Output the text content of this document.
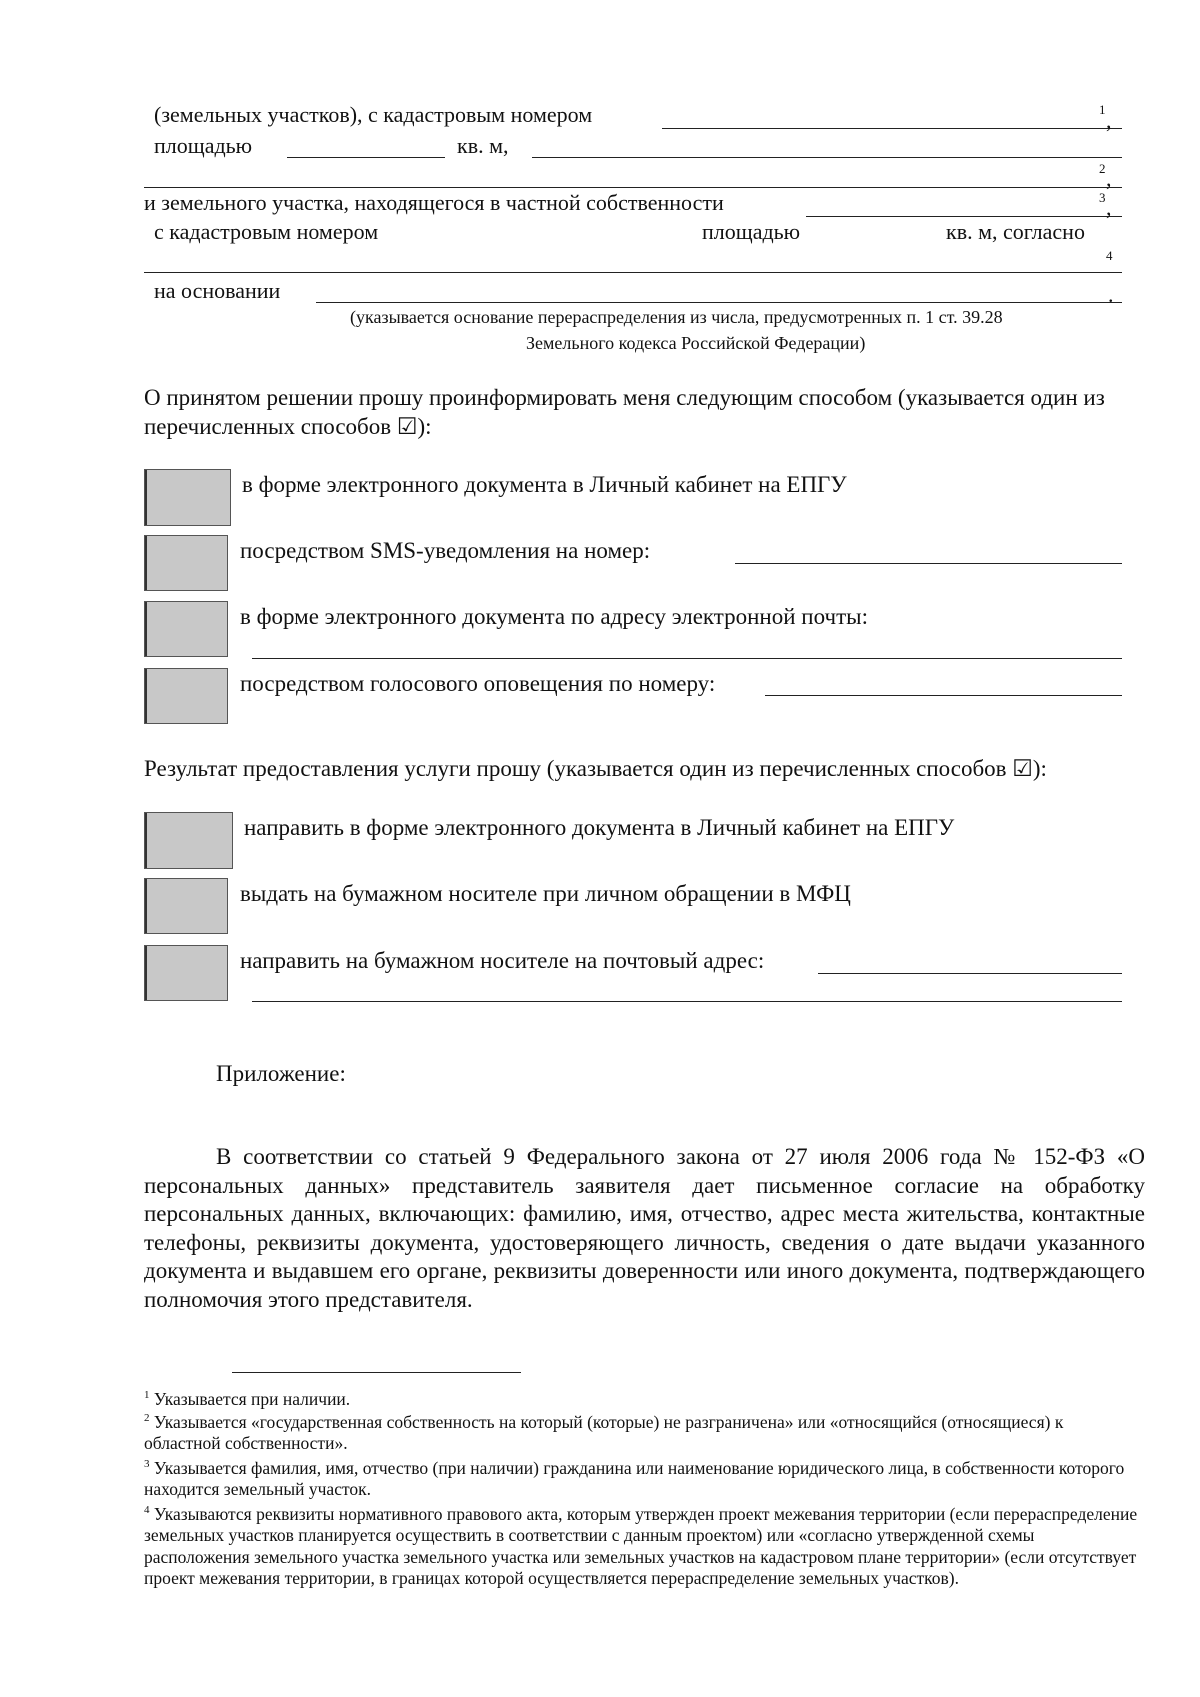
(земельных участков), с кадастровым номером	1 ,
площадью	кв. м,
2 ,
и земельного участка, находящегося в частной собственности	3 ,
с кадастровым номером	площадью	кв. м, согласно
4
на основании	.
(указывается основание перераспределения из числа, предусмотренных п. 1 ст. 39.28
Земельного кодекса Российской Федерации)
О принятом решении прошу проинформировать меня следующим способом (указывается один из перечисленных способов ☑):
в форме электронного документа в Личный кабинет на ЕПГУ
посредством SMS-уведомления на номер:
в форме электронного документа по адресу электронной почты:
посредством голосового оповещения по номеру:
Результат предоставления услуги прошу (указывается один из перечисленных способов ☑):
направить в форме электронного документа в Личный кабинет на ЕПГУ
выдать на бумажном носителе при личном обращении в МФЦ
направить на бумажном носителе на почтовый адрес:
Приложение:
В соответствии со статьей 9 Федерального закона от 27 июля 2006 года № 152-ФЗ «О персональных данных» представитель заявителя дает письменное согласие на обработку персональных данных, включающих: фамилию, имя, отчество, адрес места жительства, контактные телефоны, реквизиты документа, удостоверяющего личность, сведения о дате выдачи указанного документа и выдавшем его органе, реквизиты доверенности или иного документа, подтверждающего полномочия этого представителя.
$^1$ Указывается при наличии.
$^2$ Указывается «государственная собственность на который (которые) не разграничена» или «относящийся (относящиеся) к областной собственности».
$^3$ Указывается фамилия, имя, отчество (при наличии) гражданина или наименование юридического лица, в собственности которого находится земельный участок.
$^4$ Указываются реквизиты нормативного правового акта, которым утвержден проект межевания территории (если перераспределение земельных участков планируется осуществить в соответствии с данным проектом) или «согласно утвержденной схемы расположения земельного участка земельного участка или земельных участков на кадастровом плане территории» (если отсутствует проект межевания территории, в границах которой осуществляется перераспределение земельных участков).
